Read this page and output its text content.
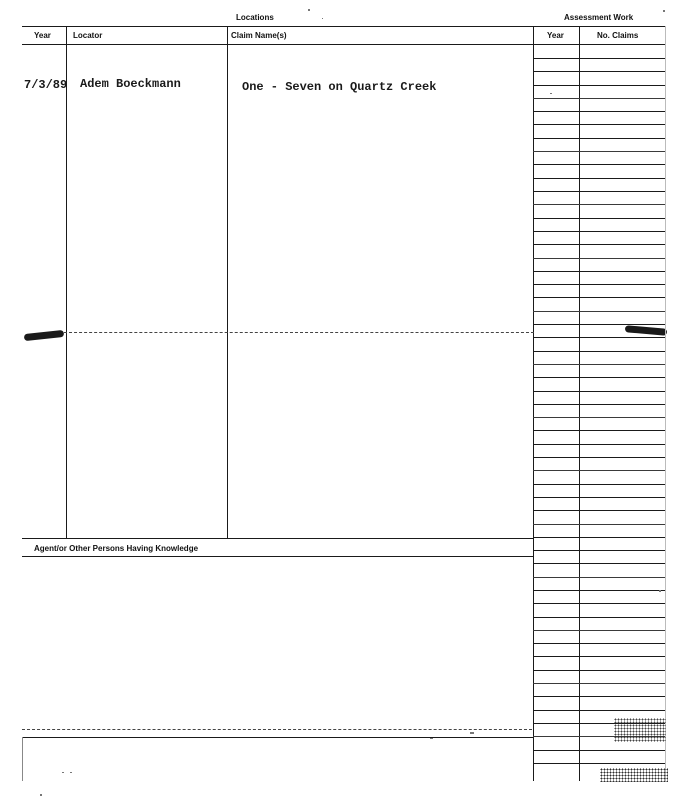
Locations	Assessment Work
Year	Locator	Claim Name(s)	Year	No. Claims
7/3/89 Adem Boeckmann	One - Seven on Quartz Creek
Agent/or Other Persons Having Knowledge
